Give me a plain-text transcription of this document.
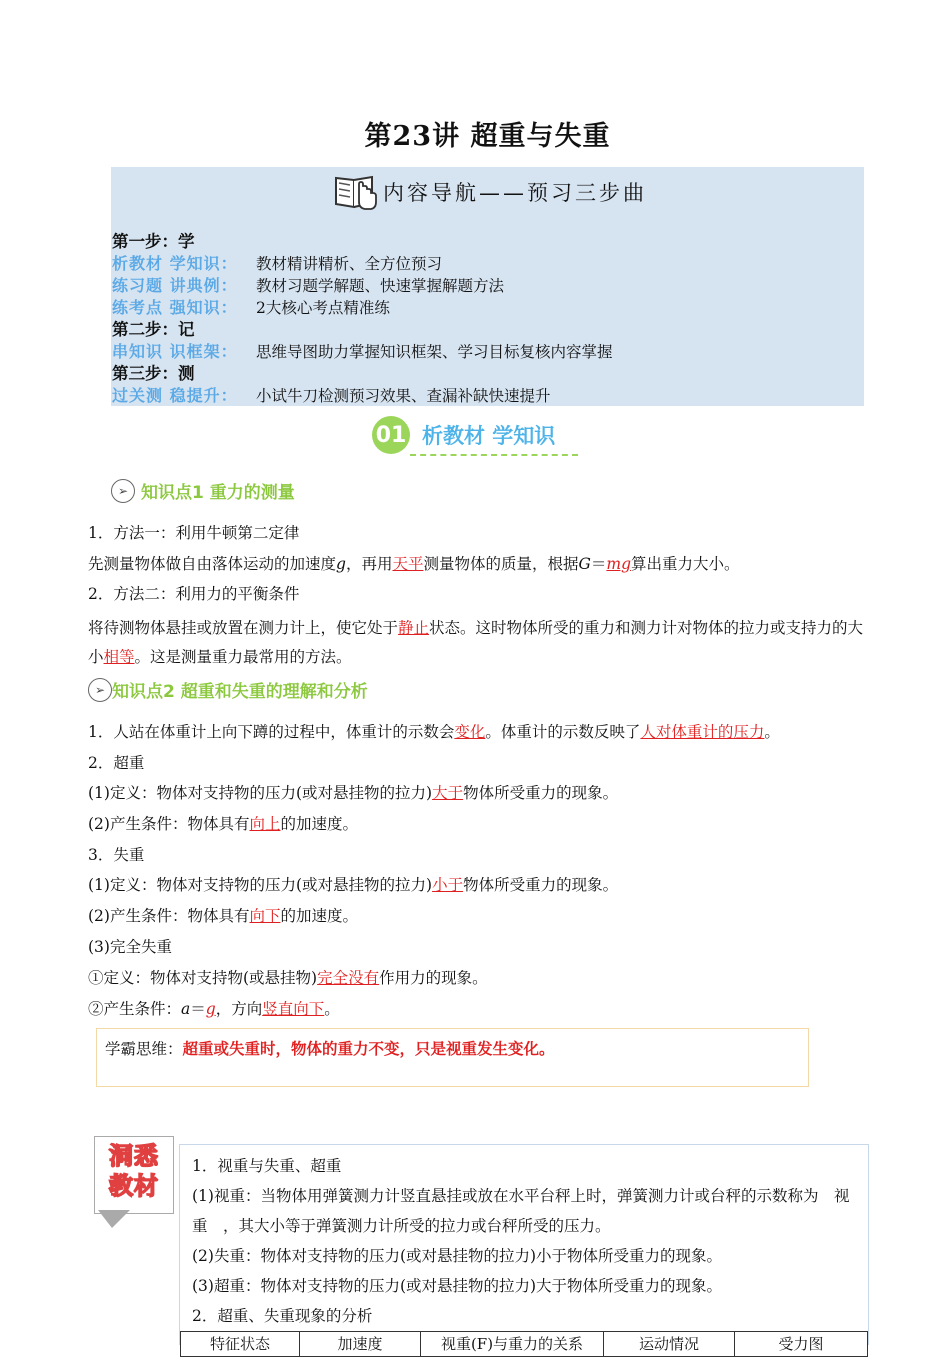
第23讲 超重与失重
内容导航——预习三步曲
第一步：学
析教材 学知识： 教材精讲精析、全方位预习
练习题 讲典例： 教材习题学解题、快速掌握解题方法
练考点 强知识： 2大核心考点精准练
第二步：记
串知识 识框架： 思维导图助力掌握知识框架、学习目标复核内容掌握
第三步：测
过关测 稳提升： 小试牛刀检测预习效果、查漏补缺快速提升
01 析教材 学知识
➢ 知识点1 重力的测量
1．方法一：利用牛顿第二定律
先测量物体做自由落体运动的加速度g，再用天平测量物体的质量，根据G＝mg算出重力大小。
2．方法二：利用力的平衡条件
将待测物体悬挂或放置在测力计上，使它处于静止状态。这时物体所受的重力和测力计对物体的拉力或支持力的大小相等。这是测量重力最常用的方法。
➢ 知识点2 超重和失重的理解和分析
1．人站在体重计上向下蹲的过程中，体重计的示数会变化。体重计的示数反映了人对体重计的压力。
2．超重
(1)定义：物体对支持物的压力(或对悬挂物的拉力)大于物体所受重力的现象。
(2)产生条件：物体具有向上的加速度。
3．失重
(1)定义：物体对支持物的压力(或对悬挂物的拉力)小于物体所受重力的现象。
(2)产生条件：物体具有向下的加速度。
(3)完全失重
①定义：物体对支持物(或悬挂物)完全没有作用力的现象。
②产生条件：a＝g，方向竖直向下。
学霸思维：超重或失重时，物体的重力不变，只是视重发生变化。
洞悉
教材
1．视重与失重、超重
(1)视重：当物体用弹簧测力计竖直悬挂或放在水平台秤上时，弹簧测力计或台秤的示数称为　视重　，其大小等于弹簧测力计所受的拉力或台秤所受的压力。
(2)失重：物体对支持物的压力(或对悬挂物的拉力)小于物体所受重力的现象。
(3)超重：物体对支持物的压力(或对悬挂物的拉力)大于物体所受重力的现象。
2．超重、失重现象的分析
特征状态	加速度	视重(F)与重力的关系	运动情况	受力图
